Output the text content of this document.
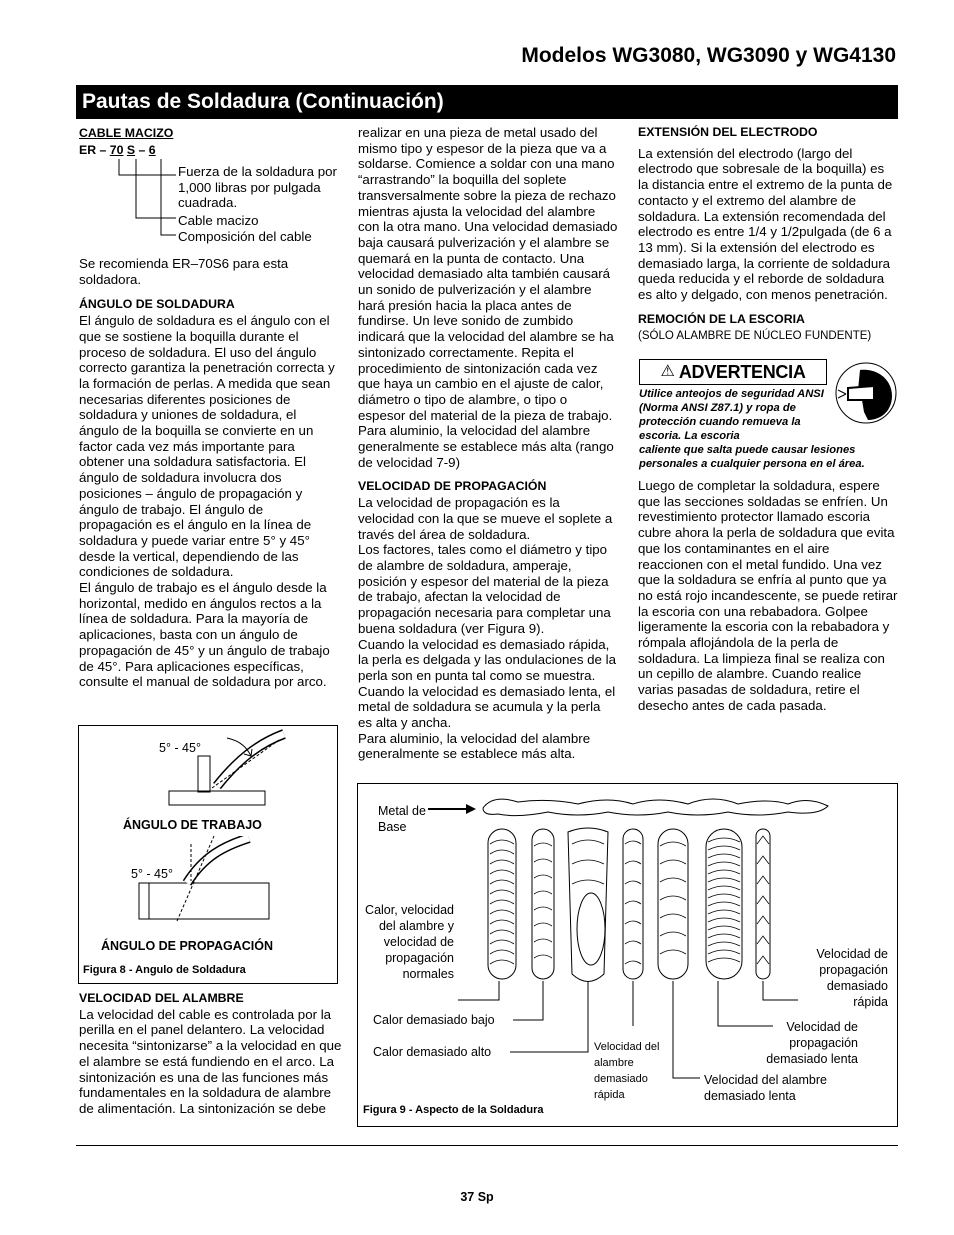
Modelos WG3080, WG3090 y WG4130
Pautas de Soldadura (Continuación)

CABLE MACIZO

ER – 70 S – 6

Fuerza de la soldadura por 1,000 libras por pulgada cuadrada.
Cable macizo
Composición del cable

Se recomienda ER–70S6 para esta soldadora.

ÁNGULO DE SOLDADURA

El ángulo de soldadura es el ángulo con el que se sostiene la boquilla durante el proceso de soldadura. El uso del ángulo correcto garantiza la penetración correcta y la formación de perlas. A medida que sean necesarias diferentes posiciones de soldadura y uniones de soldadura, el ángulo de la boquilla se convierte en un factor cada vez más importante para obtener una soldadura satisfactoria. El ángulo de soldadura involucra dos posiciones – ángulo de propagación y ángulo de trabajo. El ángulo de propagación es el ángulo en la línea de soldadura y puede variar entre 5° y 45° desde la vertical, dependiendo de las condiciones de soldadura.

El ángulo de trabajo es el ángulo desde la horizontal, medido en ángulos rectos a la línea de soldadura. Para la mayoría de aplicaciones, basta con un ángulo de propagación de 45° y un ángulo de trabajo de 45°. Para aplicaciones específicas, consulte el manual de soldadura por arco.

5° - 45°
ÁNGULO DE TRABAJO
5° - 45°
ÁNGULO DE PROPAGACIÓN
Figura 8 - Angulo de Soldadura

VELOCIDAD DEL ALAMBRE

La velocidad del cable es controlada por la perilla en el panel delantero. La velocidad necesita “sintonizarse” a la velocidad en que el alambre se está fundiendo en el arco. La sintonización es una de las funciones más fundamentales en la soldadura de alambre de alimentación. La sintonización se debe

realizar en una pieza de metal usado del mismo tipo y espesor de la pieza que va a soldarse. Comience a soldar con una mano “arrastrando” la boquilla del soplete transversalmente sobre la pieza de rechazo mientras ajusta la velocidad del alambre con la otra mano. Una velocidad demasiado baja causará pulverización y el alambre se quemará en la punta de contacto. Una velocidad demasiado alta también causará un sonido de pulverización y el alambre hará presión hacia la placa antes de fundirse. Un leve sonido de zumbido indicará que la velocidad del alambre se ha sintonizado correctamente. Repita el procedimiento de sintonización cada vez que haya un cambio en el ajuste de calor, diámetro o tipo de alambre, o tipo o espesor del material de la pieza de trabajo. Para aluminio, la velocidad del alambre generalmente se establece más alta (rango de velocidad 7-9)

VELOCIDAD DE PROPAGACIÓN

La velocidad de propagación es la velocidad con la que se mueve el soplete a través del área de soldadura.

Los factores, tales como el diámetro y tipo de alambre de soldadura, amperaje, posición y espesor del material de la pieza de trabajo, afectan la velocidad de propagación necesaria para completar una buena soldadura (ver Figura 9).

Cuando la velocidad es demasiado rápida, la perla es delgada y las ondulaciones de la perla son en punta tal como se muestra. Cuando la velocidad es demasiado lenta, el metal de soldadura se acumula y la perla es alta y ancha.

Para aluminio, la velocidad del alambre generalmente se establece más alta.

EXTENSIÓN DEL ELECTRODO

La extensión del electrodo (largo del electrodo que sobresale de la boquilla) es la distancia entre el extremo de la punta de contacto y el extremo del alambre de soldadura. La extensión recomendada del electrodo es entre 1/4 y 1/2pulgada (de 6 a 13 mm). Si la extensión del electrodo es demasiado larga, la corriente de soldadura queda reducida y el reborde de soldadura es alto y delgado, con menos penetración.

REMOCIÓN DE LA ESCORIA

(SÓLO ALAMBRE DE NÚCLEO FUNDENTE)

⚠ ADVERTENCIA
Utilice anteojos de seguridad ANSI (Norma ANSI Z87.1) y ropa de protección cuando remueva la escoria. La escoria
caliente que salta puede causar lesiones personales a cualquier persona en el área.
Luego de completar la soldadura, espere que las secciones soldadas se enfríen. Un revestimiento protector llamado escoria cubre ahora la perla de soldadura que evita que los contaminantes en el aire reaccionen con el metal fundido. Una vez que la soldadura se enfría al punto que ya no está rojo incandescente, se puede retirar la escoria con una rebabadora. Golpee ligeramente la escoria con la rebabadora y rómpala aflojándola de la perla de soldadura. La limpieza final se realiza con un cepillo de alambre. Cuando realice varias pasadas de soldadura, retire el desecho antes de cada pasada.
Metal de Base
Calor, velocidad del alambre y velocidad de propagación normales
Calor demasiado bajo
Calor demasiado alto	Velocidad del alambre demasiado rápida
Velocidad del alambre demasiado lenta
Velocidad de propagación demasiado lenta
Velocidad de propagación demasiado rápida
Figura 9 - Aspecto de la Soldadura
37 Sp
